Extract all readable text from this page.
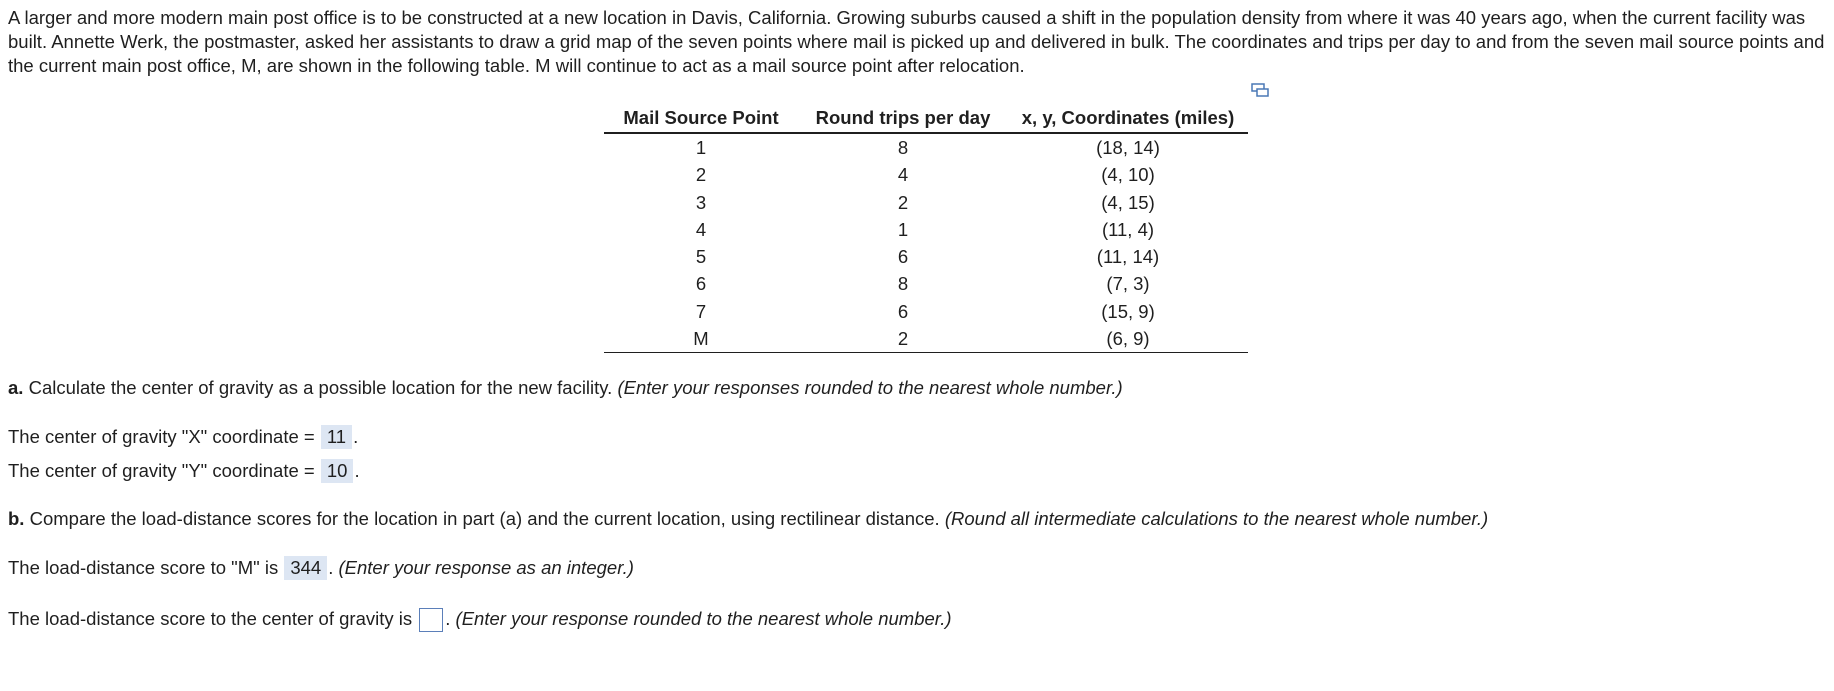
A larger and more modern main post office is to be constructed at a new location in Davis, California. Growing suburbs caused a shift in the population density from where it was 40 years ago, when the current facility was built. Annette Werk, the postmaster, asked her assistants to draw a grid map of the seven points where mail is picked up and delivered in bulk. The coordinates and trips per day to and from the seven mail source points and the current main post office, M, are shown in the following table. M will continue to act as a mail source point after relocation.

Mail Source Point	Round trips per day	x, y, Coordinates (miles)
1	8	(18, 14)
2	4	(4, 10)
3	2	(4, 15)
4	1	(11, 4)
5	6	(11, 14)
6	8	(7, 3)
7	6	(15, 9)
M	2	(6, 9)
a. Calculate the center of gravity as a possible location for the new facility. (Enter your responses rounded to the nearest whole number.)
The center of gravity "X" coordinate = 11 .
The center of gravity "Y" coordinate = 10 .
b. Compare the load-distance scores for the location in part (a) and the current location, using rectilinear distance. (Round all intermediate calculations to the nearest whole number.)
The load-distance score to "M" is 344 . (Enter your response as an integer.)
The load-distance score to the center of gravity is . (Enter your response rounded to the nearest whole number.)
